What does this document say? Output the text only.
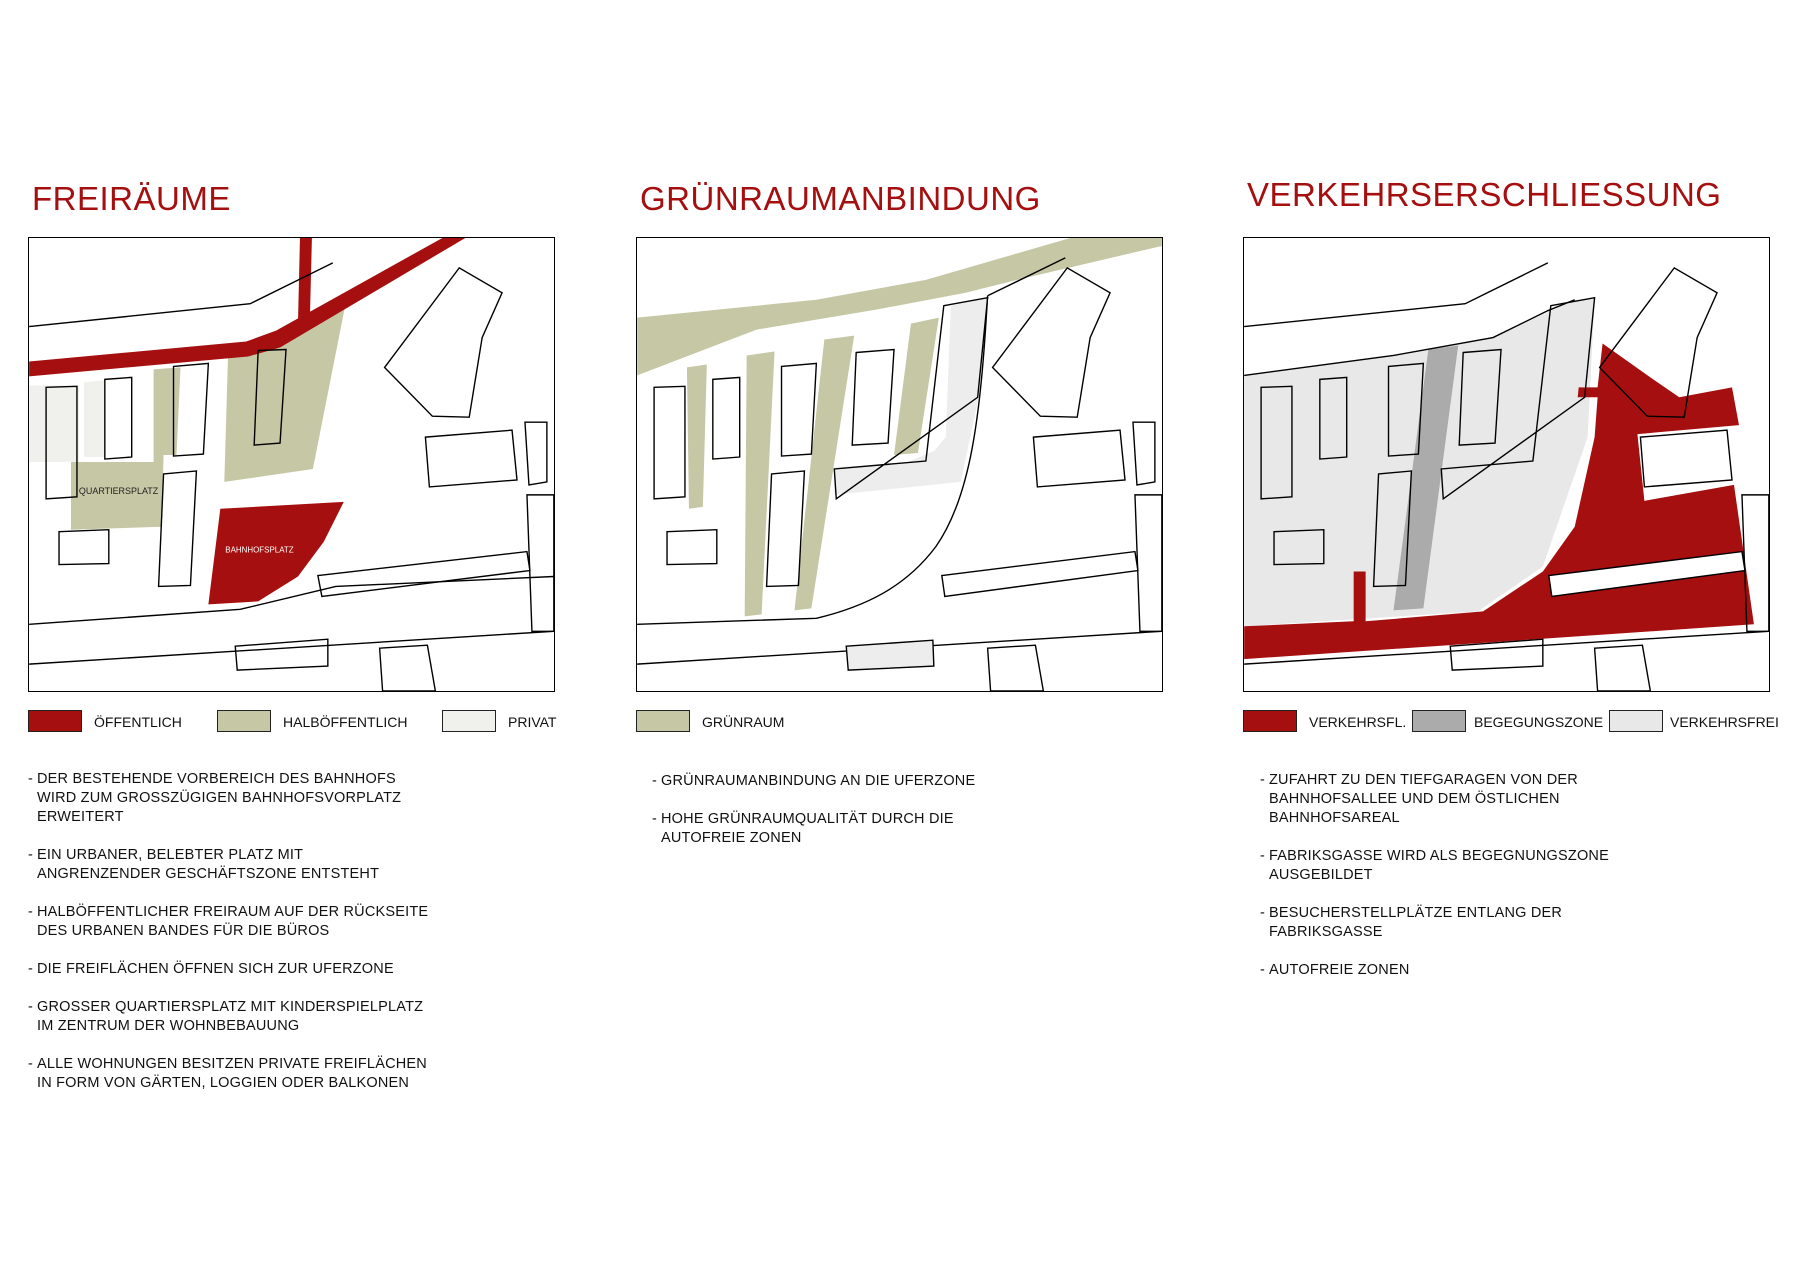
FREIRÄUME
QUARTIERSPLATZ
BAHNHOFSPLATZ
ÖFFENTLICH	HALBÖFFENTLICH	PRIVAT
- DER BESTEHENDE VORBEREICH DES BAHNHOFS
WIRD ZUM GROSSZÜGIGEN BAHNHOFSVORPLATZ
ERWEITERT
- EIN URBANER, BELEBTER PLATZ MIT
ANGRENZENDER GESCHÄFTSZONE ENTSTEHT
- HALBÖFFENTLICHER FREIRAUM AUF DER RÜCKSEITE
DES URBANEN BANDES FÜR DIE BÜROS
- DIE FREIFLÄCHEN ÖFFNEN SICH ZUR UFERZONE
- GROSSER QUARTIERSPLATZ MIT KINDERSPIELPLATZ
IM ZENTRUM DER WOHNBEBAUUNG
- ALLE WOHNUNGEN BESITZEN PRIVATE FREIFLÄCHEN
IN FORM VON GÄRTEN, LOGGIEN ODER BALKONEN
GRÜNRAUMANBINDUNG
GRÜNRAUM
- GRÜNRAUMANBINDUNG AN DIE UFERZONE
- HOHE GRÜNRAUMQUALITÄT DURCH DIE
AUTOFREIE ZONEN
VERKEHRSERSCHLIESSUNG
VERKEHRSFL.	BEGEGUNGSZONE	VERKEHRSFREI
- ZUFAHRT ZU DEN TIEFGARAGEN VON DER
BAHNHOFSALLEE UND DEM ÖSTLICHEN
BAHNHOFSAREAL
- FABRIKSGASSE WIRD ALS BEGEGNUNGSZONE
AUSGEBILDET
- BESUCHERSTELLPLÄTZE ENTLANG DER
FABRIKSGASSE
- AUTOFREIE ZONEN
